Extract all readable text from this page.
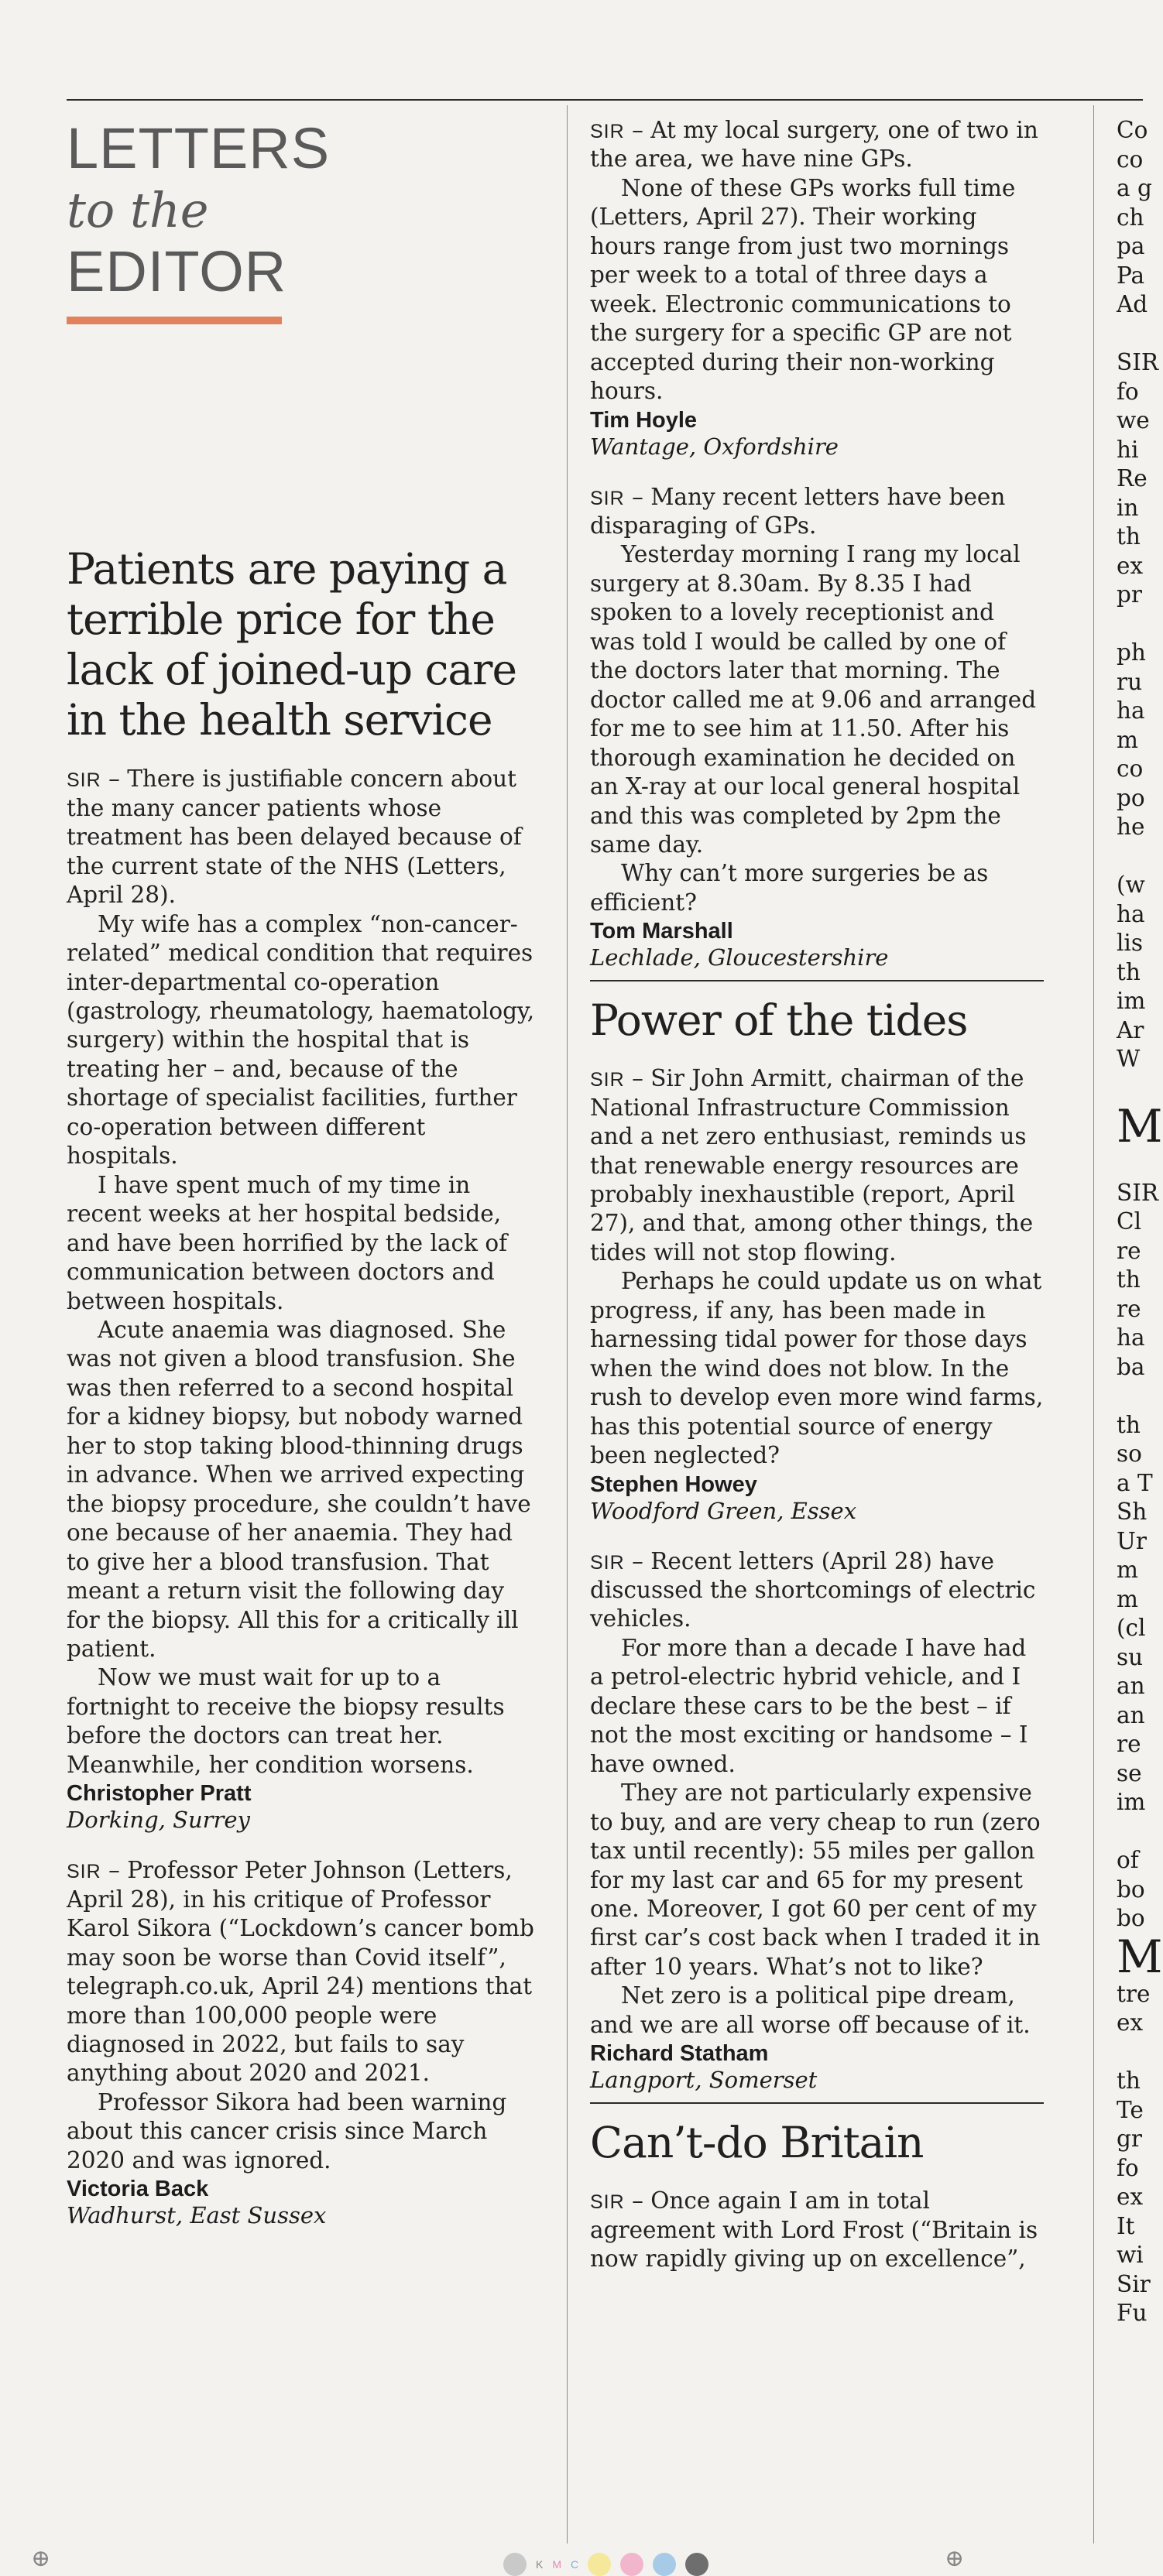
LETTERS
to the
EDITOR
Patients are paying a terrible price for the lack of joined-up care in the health service

SIR – There is justifiable concern about the many cancer patients whose treatment has been delayed because of the current state of the NHS (Letters, April 28).

My wife has a complex “non-cancer-related” medical condition that requires inter-departmental co-operation (gastrology, rheumatology, haematology, surgery) within the hospital that is treating her – and, because of the shortage of specialist facilities, further co-operation between different hospitals.

I have spent much of my time in recent weeks at her hospital bedside, and have been horrified by the lack of communication between doctors and between hospitals.

Acute anaemia was diagnosed. She was not given a blood transfusion. She was then referred to a second hospital for a kidney biopsy, but nobody warned her to stop taking blood-thinning drugs in advance. When we arrived expecting the biopsy procedure, she couldn’t have one because of her anaemia. They had to give her a blood transfusion. That meant a return visit the following day for the biopsy. All this for a critically ill patient.

Now we must wait for up to a fortnight to receive the biopsy results before the doctors can treat her. Meanwhile, her condition worsens.

Christopher Pratt

Dorking, Surrey

SIR – Professor Peter Johnson (Letters, April 28), in his critique of Professor Karol Sikora (“Lockdown’s cancer bomb may soon be worse than Covid itself”, telegraph.co.uk, April 24) mentions that more than 100,000 people were diagnosed in 2022, but fails to say anything about 2020 and 2021.

Professor Sikora had been warning about this cancer crisis since March 2020 and was ignored.

Victoria Back

Wadhurst, East Sussex

SIR – At my local surgery, one of two in the area, we have nine GPs.

None of these GPs works full time (Letters, April 27). Their working hours range from just two mornings per week to a total of three days a week. Electronic communications to the surgery for a specific GP are not accepted during their non-working hours.

Tim Hoyle

Wantage, Oxfordshire

SIR – Many recent letters have been disparaging of GPs.

Yesterday morning I rang my local surgery at 8.30am. By 8.35 I had spoken to a lovely receptionist and was told I would be called by one of the doctors later that morning. The doctor called me at 9.06 and arranged for me to see him at 11.50. After his thorough examination he decided on an X-ray at our local general hospital and this was completed by 2pm the same day.

Why can’t more surgeries be as efficient?

Tom Marshall

Lechlade, Gloucestershire

Power of the tides

SIR – Sir John Armitt, chairman of the National Infrastructure Commission and a net zero enthusiast, reminds us that renewable energy resources are probably inexhaustible (report, April 27), and that, among other things, the tides will not stop flowing.

Perhaps he could update us on what progress, if any, has been made in harnessing tidal power for those days when the wind does not blow. In the rush to develop even more wind farms, has this potential source of energy been neglected?

Stephen Howey

Woodford Green, Essex

SIR – Recent letters (April 28) have discussed the shortcomings of electric vehicles.

For more than a decade I have had a petrol-electric hybrid vehicle, and I declare these cars to be the best – if not the most exciting or handsome – I have owned.

They are not particularly expensive to buy, and are very cheap to run (zero tax until recently): 55 miles per gallon for my last car and 65 for my present one. Moreover, I got 60 per cent of my first car’s cost back when I traded it in after 10 years. What’s not to like?

Net zero is a political pipe dream, and we are all worse off because of it.

Richard Statham

Langport, Somerset

Can’t-do Britain

SIR – Once again I am in total agreement with Lord Frost (“Britain is now rapidly giving up on excellence”,

Co
co
a g
ch
pa
Pa
Ad

SIR
fo
we
hi
Re
in
th
ex
pr

ph
ru
ha
m
co
po
he

(w
ha
lis
th
im
Ar
W

M

SIR
Cl
re
th
re
ha
ba

th
so
a T
Sh
Ur
m
m
(cl
su
an
an
re
se
im

of
bo
bo
M
tre
ex

th
Te
gr
fo
ex
It
wi
Sir
Fu
K M C
⊕	⊕
